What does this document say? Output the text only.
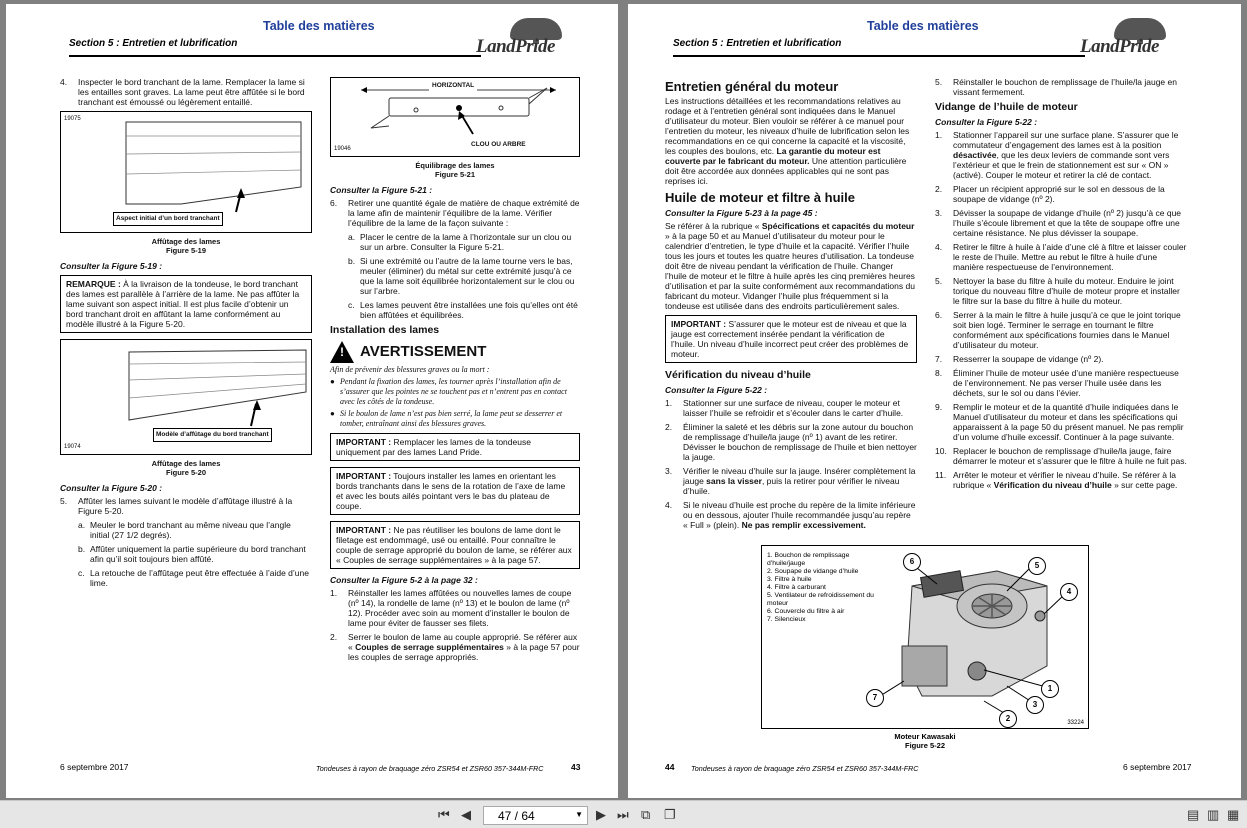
Table des matières
Section 5 : Entretien et lubrification	LandPride
4.	Inspecter le bord tranchant de la lame. Remplacer la lame si les entailles sont graves. La lame peut être affûtée si le bord tranchant est émoussé ou légèrement entaillé.
19075
Aspect initial d’un bord tranchant
Affûtage des lames
Figure 5-19
Consulter la Figure 5-19 :
REMARQUE : À la livraison de la tondeuse, le bord tranchant des lames est parallèle à l’arrière de la lame. Ne pas affûter la lame suivant son aspect initial. Il est plus facile d’obtenir un bord tranchant droit en affûtant la lame conformément au modèle illustré à la Figure 5-20.
Modèle d’affûtage du bord tranchant
19074
Affûtage des lames
Figure 5-20
Consulter la Figure 5-20 :
5.	Affûter les lames suivant le modèle d’affûtage illustré à la Figure 5-20.
a. Meuler le bord tranchant au même niveau que l’angle initial (27 1/2 degrés).
b. Affûter uniquement la partie supérieure du bord tranchant afin qu’il soit toujours bien affûté.
c. La retouche de l’affûtage peut être effectuée à l’aide d’une lime.
HORIZONTAL
CLOU OU ARBRE
19046
Équilibrage des lames
Figure 5-21
Consulter la Figure 5-21 :
6.	Retirer une quantité égale de matière de chaque extrémité de la lame afin de maintenir l’équilibre de la lame. Vérifier l’équilibre de la lame de la façon suivante :
a. Placer le centre de la lame à l’horizontale sur un clou ou sur un arbre. Consulter la Figure 5-21.
b. Si une extrémité ou l’autre de la lame tourne vers le bas, meuler (éliminer) du métal sur cette extrémité jusqu’à ce que la lame soit équilibrée horizontalement sur le clou ou sur l’arbre.
c. Les lames peuvent être installées une fois qu’elles ont été bien affûtées et équilibrées.
Installation des lames
! AVERTISSEMENT
Afin de prévenir des blessures graves ou la mort :
● Pendant la fixation des lames, les tourner après l’installation afin de s’assurer que les pointes ne se touchent pas et n’entrent pas en contact avec les côtés de la tondeuse.
● Si le boulon de lame n’est pas bien serré, la lame peut se desserrer et tomber, entraînant ainsi des blessures graves.
IMPORTANT : Remplacer les lames de la tondeuse uniquement par des lames Land Pride.
IMPORTANT : Toujours installer les lames en orientant les bords tranchants dans le sens de la rotation de l’axe de lame et avec les bouts ailés pointant vers le bas du plateau de coupe.
IMPORTANT : Ne pas réutiliser les boulons de lame dont le filetage est endommagé, usé ou entaillé. Pour connaître le couple de serrage approprié du boulon de lame, se référer aux « Couples de serrage supplémentaires » à la page 57.
Consulter la Figure 5-2 à la page 32 :
1.	Réinstaller les lames affûtées ou nouvelles lames de coupe (nº 14), la rondelle de lame (nº 13) et le boulon de lame (nº 12). Procéder avec soin au moment d’installer le boulon de lame pour éviter de fausser ses filets.
2.	Serrer le boulon de lame au couple approprié. Se référer aux « Couples de serrage supplémentaires » à la page 57 pour les couples de serrage appropriés.
6 septembre 2017	Tondeuses à rayon de braquage zéro ZSR54 et ZSR60 357-344M-FRC	43
Table des matières
Section 5 : Entretien et lubrification	LandPride
Entretien général du moteur

Les instructions détaillées et les recommandations relatives au rodage et à l’entretien général sont indiquées dans le Manuel d’utilisateur du moteur. Bien vouloir se référer à ce manuel pour l’entretien du moteur, les niveaux d’huile de lubrification selon les recommandations en ce qui concerne la capacité et la viscosité, les couples des boulons, etc. La garantie du moteur est couverte par le fabricant du moteur. Une attention particulière doit être accordée aux données applicables qui ne sont pas reprises ici.

Huile de moteur et filtre à huile
Consulter la Figure 5-23 à la page 45 :

Se référer à la rubrique « Spécifications et capacités du moteur » à la page 50 et au Manuel d’utilisateur du moteur pour le calendrier d’entretien, le type d’huile et la capacité. Vérifier l’huile tous les jours et toutes les quatre heures d’utilisation. La tondeuse doit être de niveau pendant la vérification de l’huile. Changer l’huile de moteur et le filtre à huile après les cinq premières heures d’utilisation et par la suite conformément aux recommandations du fabricant du moteur. Vidanger l’huile plus fréquemment si la tondeuse est utilisée dans des endroits particulièrement sales.

IMPORTANT : S’assurer que le moteur est de niveau et que la jauge est correctement insérée pendant la vérification de l’huile. Un niveau d’huile incorrect peut créer des problèmes de moteur.
Vérification du niveau d’huile
Consulter la Figure 5-22 :
1.	Stationner sur une surface de niveau, couper le moteur et laisser l’huile se refroidir et s’écouler dans le carter d’huile.
2.	Éliminer la saleté et les débris sur la zone autour du bouchon de remplissage d’huile/la jauge (nº 1) avant de les retirer. Dévisser le bouchon de remplissage de l’huile et bien nettoyer la jauge.
3.	Vérifier le niveau d’huile sur la jauge. Insérer complètement la jauge sans la visser, puis la retirer pour vérifier le niveau d’huile.
4.	Si le niveau d’huile est proche du repère de la limite inférieure ou en dessous, ajouter l’huile recommandée jusqu’au repère « Full » (plein). Ne pas remplir excessivement.
5.	Réinstaller le bouchon de remplissage de l’huile/la jauge en vissant fermement.
Vidange de l’huile de moteur
Consulter la Figure 5-22 :
1.	Stationner l’appareil sur une surface plane. S’assurer que le commutateur d’engagement des lames est à la position désactivée, que les deux leviers de commande sont vers l’extérieur et que le frein de stationnement est sur « ON » (activé). Couper le moteur et retirer la clé de contact.
2.	Placer un récipient approprié sur le sol en dessous de la soupape de vidange (nº 2).
3.	Dévisser la soupape de vidange d’huile (nº 2) jusqu’à ce que l’huile s’écoule librement et que la tête de soupape offre une certaine résistance. Ne plus dévisser la soupape.
4.	Retirer le filtre à huile à l’aide d’une clé à filtre et laisser couler le reste de l’huile. Mettre au rebut le filtre à huile d’une manière respectueuse de l’environnement.
5.	Nettoyer la base du filtre à huile du moteur. Enduire le joint torique du nouveau filtre d’huile de moteur propre et installer le filtre sur la base du filtre à huile du moteur.
6.	Serrer à la main le filtre à huile jusqu’à ce que le joint torique soit bien logé. Terminer le serrage en tournant le filtre conformément aux spécifications fournies dans le Manuel d’utilisateur du moteur.
7.	Resserrer la soupape de vidange (nº 2).
8.	Éliminer l’huile de moteur usée d’une manière respectueuse de l’environnement. Ne pas verser l’huile usée dans les déchets, sur le sol ou dans l’évier.
9.	Remplir le moteur et de la quantité d’huile indiquées dans le Manuel d’utilisateur du moteur et dans les spécifications qui apparaissent à la page 50 du présent manuel. Ne pas remplir d’un volume d’huile excessif. Continuer à la page suivante.
10. Replacer le bouchon de remplissage d’huile/la jauge, faire démarrer le moteur et s’assurer que le filtre à huile ne fuit pas.
11. Arrêter le moteur et vérifier le niveau d’huile. Se référer à la rubrique « Vérification du niveau d’huile » sur cette page.
1. Bouchon de remplissage d’huile/jauge
2. Soupape de vidange d’huile
3. Filtre à huile
4. Filtre à carburant
5. Ventilateur de refroidissement du moteur
6. Couvercle du filtre à air
7. Silencieux
6	5
4
1
3
2
7
33224
Moteur Kawasaki
Figure 5-22
44 Tondeuses à rayon de braquage zéro ZSR54 et ZSR60 357-344M-FRC	6 septembre 2017
⏮ ◀	47 / 64	▼ ▶ ⏭ ⧉ ❐	▤ ▥ ▦
